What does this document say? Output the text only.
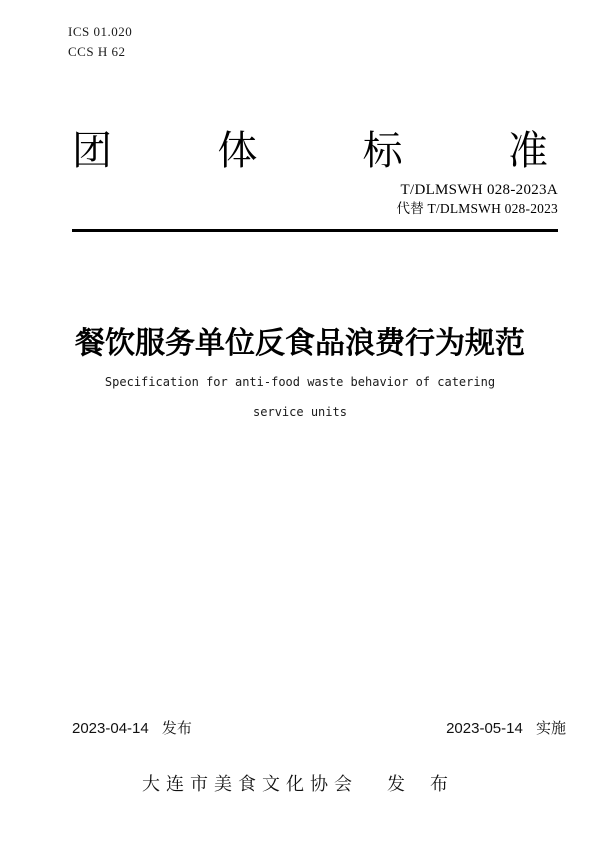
ICS 01.020
CCS H 62
团	体	标	准
T/DLMSWH 028-2023A
代替 T/DLMSWH 028-2023
餐饮服务单位反食品浪费行为规范
Specification for anti-food waste behavior of catering
service units
2023-04-14 发布	2023-05-14 实施
大连市美食文化协会 发 布
